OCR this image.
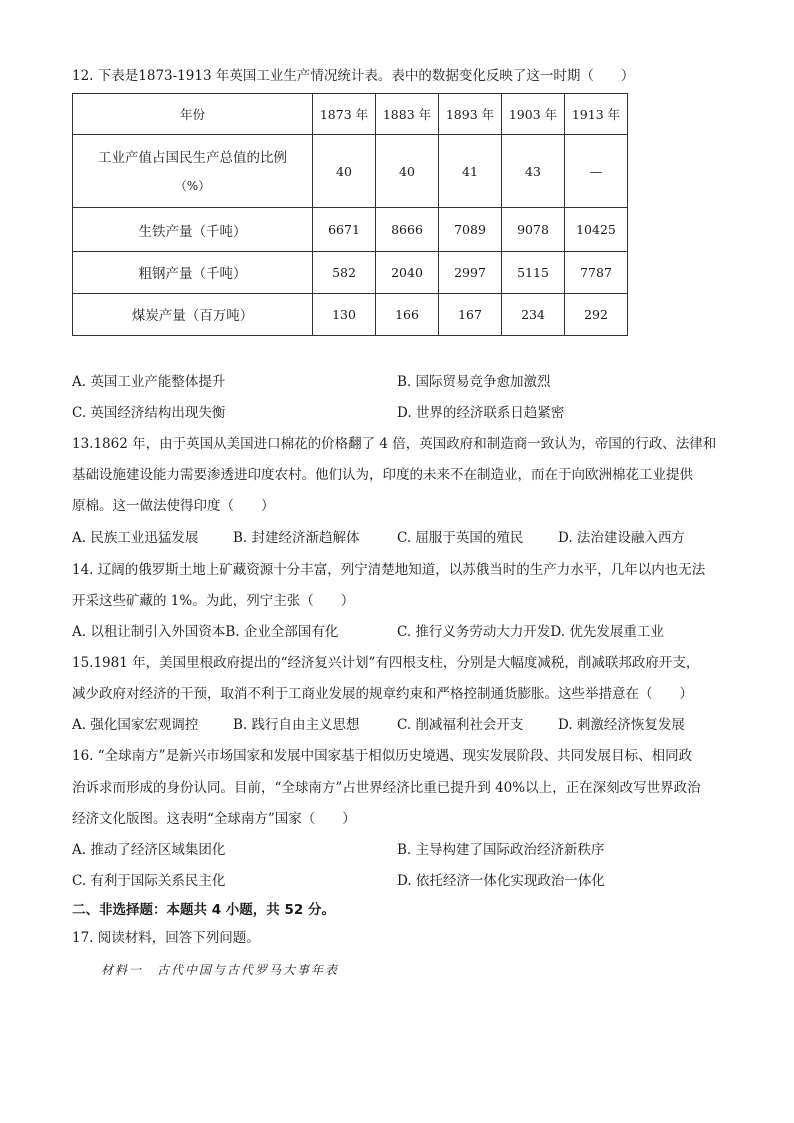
12. 下表是1873-1913 年英国工业生产情况统计表。表中的数据变化反映了这一时期（　　）
年份	1873 年	1883 年	1893 年	1903 年	1913 年

工业产值占国民生产总值的比例
（%）	40	40	41	43	—
生铁产量（千吨）	6671	8666	7089	9078	10425
粗钢产量（千吨）	582	2040	2997	5115	7787
煤炭产量（百万吨）	130	166	167	234	292
A. 英国工业产能整体提升	B. 国际贸易竞争愈加激烈
C. 英国经济结构出现失衡	D. 世界的经济联系日趋紧密
13.1862 年，由于英国从美国进口棉花的价格翻了 4 倍，英国政府和制造商一致认为，帝国的行政、法律和
基础设施建设能力需要渗透进印度农村。他们认为，印度的未来不在制造业，而在于向欧洲棉花工业提供
原棉。这一做法使得印度（　　）
A. 民族工业迅猛发展	B. 封建经济渐趋解体	C. 屈服于英国的殖民	D. 法治建设融入西方
14. 辽阔的俄罗斯土地上矿藏资源十分丰富，列宁清楚地知道，以苏俄当时的生产力水平，几年以内也无法
开采这些矿藏的 1%。为此，列宁主张（　　）
A. 以租让制引入外国资本B. 企业全部国有化	C. 推行义务劳动大力开发D. 优先发展重工业
15.1981 年，美国里根政府提出的“经济复兴计划”有四根支柱，分别是大幅度减税，削减联邦政府开支，
减少政府对经济的干预，取消不利于工商业发展的规章约束和严格控制通货膨胀。这些举措意在（　　）
A. 强化国家宏观调控	B. 践行自由主义思想	C. 削减福利社会开支	D. 刺激经济恢复发展
16. “全球南方”是新兴市场国家和发展中国家基于相似历史境遇、现实发展阶段、共同发展目标、相同政
治诉求而形成的身份认同。目前，“全球南方”占世界经济比重已提升到 40%以上，正在深刻改写世界政治
经济文化版图。这表明“全球南方”国家（　　）
A. 推动了经济区域集团化	B. 主导构建了国际政治经济新秩序
C. 有利于国际关系民主化	D. 依托经济一体化实现政治一体化
二、非选择题：本题共 4 小题，共 52 分。
17. 阅读材料，回答下列问题。
材料一　古代中国与古代罗马大事年表
